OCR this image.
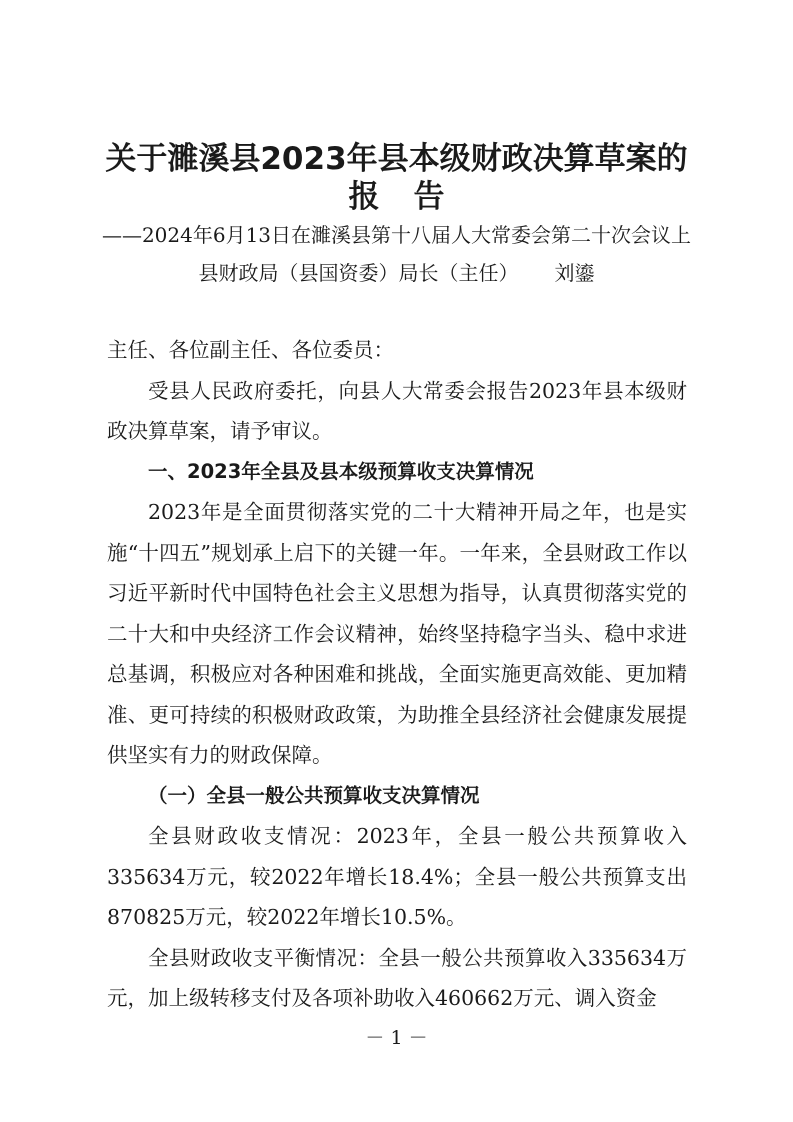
关于濉溪县2023年县本级财政决算草案的
报告

——2024年6月13日在濉溪县第十八届人大常委会第二十次会议上

县财政局（县国资委）局长（主任） 刘鎏

主任、各位副主任、各位委员：

受县人民政府委托，向县人大常委会报告2023年县本级财政决算草案，请予审议。

一、2023年全县及县本级预算收支决算情况

2023年是全面贯彻落实党的二十大精神开局之年，也是实施“十四五”规划承上启下的关键一年。一年来，全县财政工作以习近平新时代中国特色社会主义思想为指导，认真贯彻落实党的二十大和中央经济工作会议精神，始终坚持稳字当头、稳中求进总基调，积极应对各种困难和挑战，全面实施更高效能、更加精准、更可持续的积极财政政策，为助推全县经济社会健康发展提供坚实有力的财政保障。

（一）全县一般公共预算收支决算情况

全县财政收支情况：2023年，全县一般公共预算收入335634万元，较2022年增长18.4%；全县一般公共预算支出870825万元，较2022年增长10.5%。

全县财政收支平衡情况：全县一般公共预算收入335634万元，加上级转移支付及各项补助收入460662万元、调入资金

－ 1 －
